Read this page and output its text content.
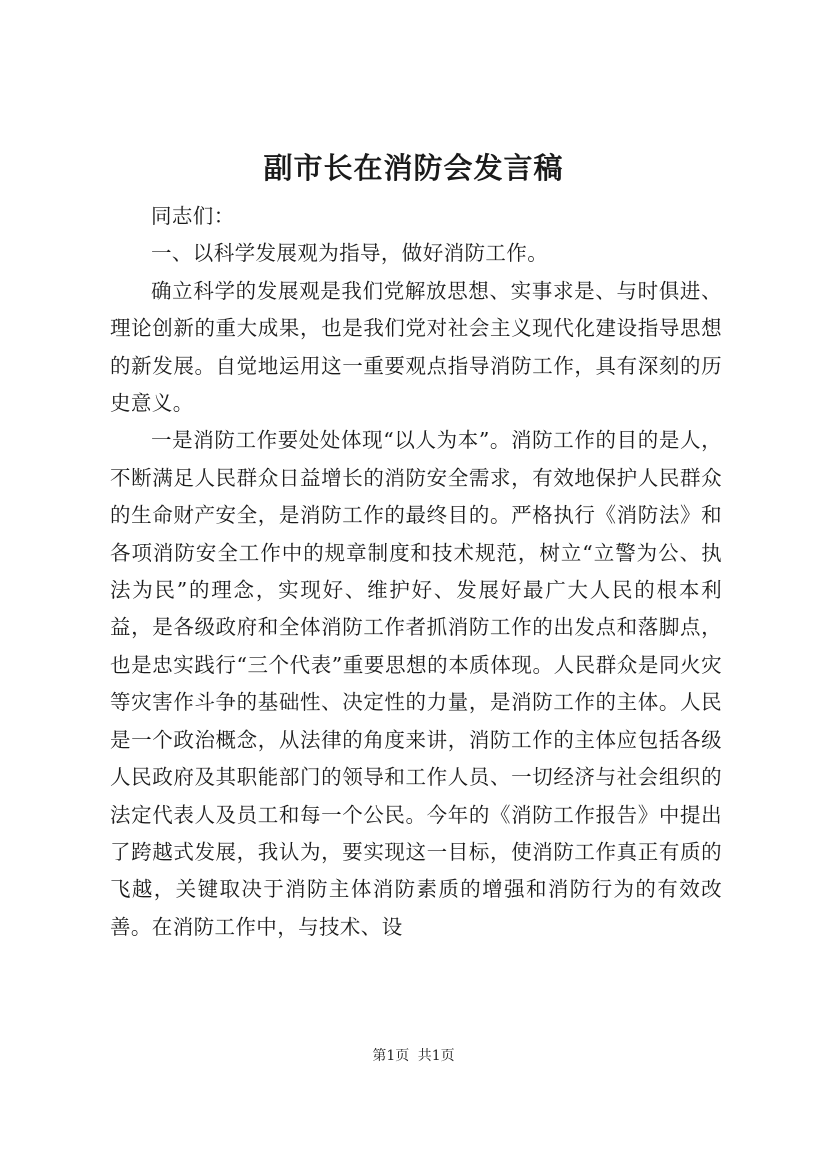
副市长在消防会发言稿

同志们：

一、以科学发展观为指导，做好消防工作。

确立科学的发展观是我们党解放思想、实事求是、与时俱进、理论创新的重大成果，也是我们党对社会主义现代化建设指导思想的新发展。自觉地运用这一重要观点指导消防工作，具有深刻的历史意义。

一是消防工作要处处体现“以人为本”。消防工作的目的是人，不断满足人民群众日益增长的消防安全需求，有效地保护人民群众的生命财产安全，是消防工作的最终目的。严格执行《消防法》和各项消防安全工作中的规章制度和技术规范，树立“立警为公、执法为民”的理念，实现好、维护好、发展好最广大人民的根本利益，是各级政府和全体消防工作者抓消防工作的出发点和落脚点，也是忠实践行“三个代表”重要思想的本质体现。人民群众是同火灾等灾害作斗争的基础性、决定性的力量，是消防工作的主体。人民是一个政治概念，从法律的角度来讲，消防工作的主体应包括各级人民政府及其职能部门的领导和工作人员、一切经济与社会组织的法定代表人及员工和每一个公民。今年的《消防工作报告》中提出了跨越式发展，我认为，要实现这一目标，使消防工作真正有质的飞越，关键取决于消防主体消防素质的增强和消防行为的有效改善。在消防工作中，与技术、设

第1页 共1页
